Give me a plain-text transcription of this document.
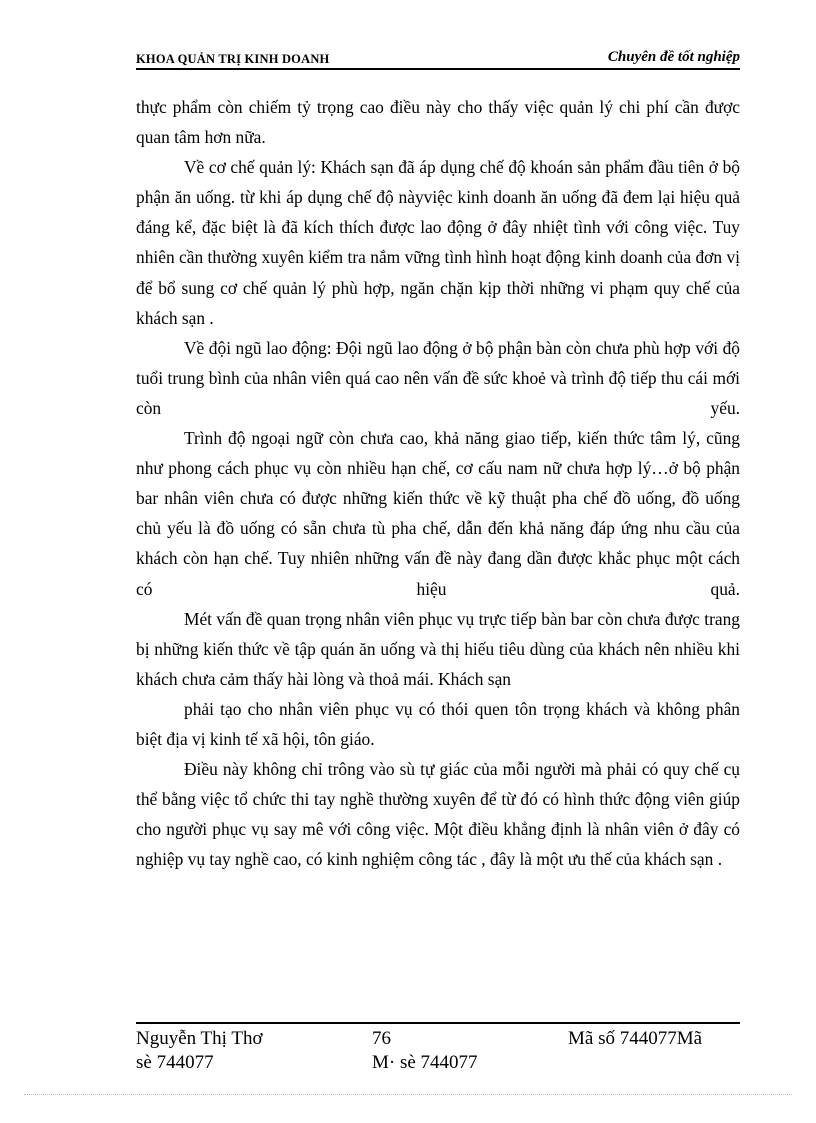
KHOA QUẢN TRỊ KINH DOANH	Chuyên đề tốt nghiệp

thực phẩm còn chiếm tỷ trọng cao điều này cho thấy việc quản lý chi phí cần được quan tâm hơn nữa.

Về cơ chế quản lý: Khách sạn đã áp dụng chế độ khoán sản phẩm đầu tiên ở bộ phận ăn uống. từ khi áp dụng chế độ nàyviệc kinh doanh ăn uống đã đem lại hiệu quả đáng kể, đặc biệt là đã kích thích được lao động ở đây nhiệt tình với công việc. Tuy nhiên cần thường xuyên kiểm tra nắm vững tình hình hoạt động kinh doanh của đơn vị để bổ sung cơ chế quản lý phù hợp, ngăn chặn kịp thời những vi phạm quy chế của khách sạn .

Về đội ngũ lao động: Đội ngũ lao động ở bộ phận bàn còn chưa phù hợp với độ tuổi trung bình của nhân viên quá cao nên vấn đề sức khoẻ và trình độ tiếp thu cái mới còn yếu.

Trình độ ngoại ngữ còn chưa cao, khả năng giao tiếp, kiến thức tâm lý, cũng như phong cách phục vụ còn nhiều hạn chế, cơ cấu nam nữ chưa hợp lý…ở bộ phận bar nhân viên chưa có được những kiến thức về kỹ thuật pha chế đồ uống, đồ uống chủ yếu là đồ uống có sẵn chưa tù pha chế, dẫn đến khả năng đáp ứng nhu cầu của khách còn hạn chế. Tuy nhiên những vấn đề này đang dần được khắc phục một cách có hiệu quả.

Mét vấn đề quan trọng nhân viên phục vụ trực tiếp bàn bar còn chưa được trang bị những kiến thức về tập quán ăn uống và thị hiếu tiêu dùng của khách nên nhiều khi khách chưa cảm thấy hài lòng và thoả mái. Khách sạn

phải tạo cho nhân viên phục vụ có thói quen tôn trọng khách và không phân biệt địa vị kinh tế xã hội, tôn giáo.

Điều này không chỉ trông vào sù tự giác của mỗi người mà phải có quy chế cụ thể bằng việc tổ chức thi tay nghề thường xuyên để từ đó có hình thức động viên giúp cho người phục vụ say mê với công việc. Một điều khẳng định là nhân viên ở đây có nghiệp vụ tay nghề cao, có kinh nghiệm công tác , đây là một ưu thế của khách sạn .

Nguyễn Thị Thơ	76	Mã số 744077Mã
sè 744077	M· sè 744077
